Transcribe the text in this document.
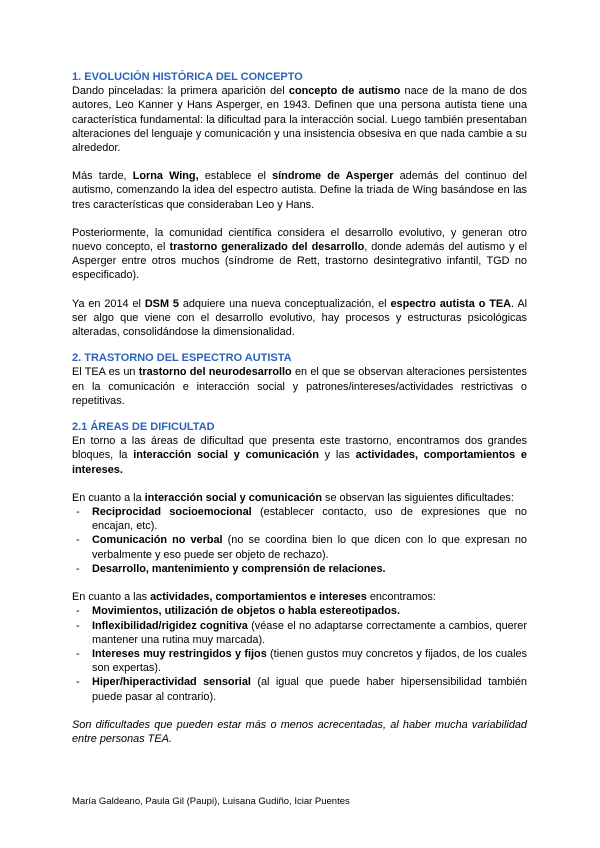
1. EVOLUCIÓN HISTÓRICA DEL CONCEPTO

Dando pinceladas: la primera aparición del concepto de autismo nace de la mano de dos autores, Leo Kanner y Hans Asperger, en 1943. Definen que una persona autista tiene una característica fundamental: la dificultad para la interacción social. Luego también presentaban alteraciones del lenguaje y comunicación y una insistencia obsesiva en que nada cambie a su alrededor.

Más tarde, Lorna Wing, establece el síndrome de Asperger además del continuo del autismo, comenzando la idea del espectro autista. Define la triada de Wing basándose en las tres características que consideraban Leo y Hans.

Posteriormente, la comunidad científica considera el desarrollo evolutivo, y generan otro nuevo concepto, el trastorno generalizado del desarrollo, donde además del autismo y el Asperger entre otros muchos (síndrome de Rett, trastorno desintegrativo infantil, TGD no especificado).

Ya en 2014 el DSM 5 adquiere una nueva conceptualización, el espectro autista o TEA. Al ser algo que viene con el desarrollo evolutivo, hay procesos y estructuras psicológicas alteradas, consolidándose la dimensionalidad.

2. TRASTORNO DEL ESPECTRO AUTISTA

El TEA es un trastorno del neurodesarrollo en el que se observan alteraciones persistentes en la comunicación e interacción social y patrones/intereses/actividades restrictivas o repetitivas.

2.1 ÁREAS DE DIFICULTAD

En torno a las áreas de dificultad que presenta este trastorno, encontramos dos grandes bloques, la interacción social y comunicación y las actividades, comportamientos e intereses.

En cuanto a la interacción social y comunicación se observan las siguientes dificultades:

- Reciprocidad socioemocional (establecer contacto, uso de expresiones que no encajan, etc).
- Comunicación no verbal (no se coordina bien lo que dicen con lo que expresan no verbalmente y eso puede ser objeto de rechazo).
- Desarrollo, mantenimiento y comprensión de relaciones.

En cuanto a las actividades, comportamientos e intereses encontramos:

- Movimientos, utilización de objetos o habla estereotipados.
- Inflexibilidad/rigidez cognitiva (véase el no adaptarse correctamente a cambios, querer mantener una rutina muy marcada).
- Intereses muy restringidos y fijos (tienen gustos muy concretos y fijados, de los cuales son expertas).
- Hiper/hiperactividad sensorial (al igual que puede haber hipersensibilidad también puede pasar al contrario).

Son dificultades que pueden estar más o menos acrecentadas, al haber mucha variabilidad entre personas TEA.

María Galdeano, Paula Gil (Paupi), Luisana Gudiño, Iciar Puentes
